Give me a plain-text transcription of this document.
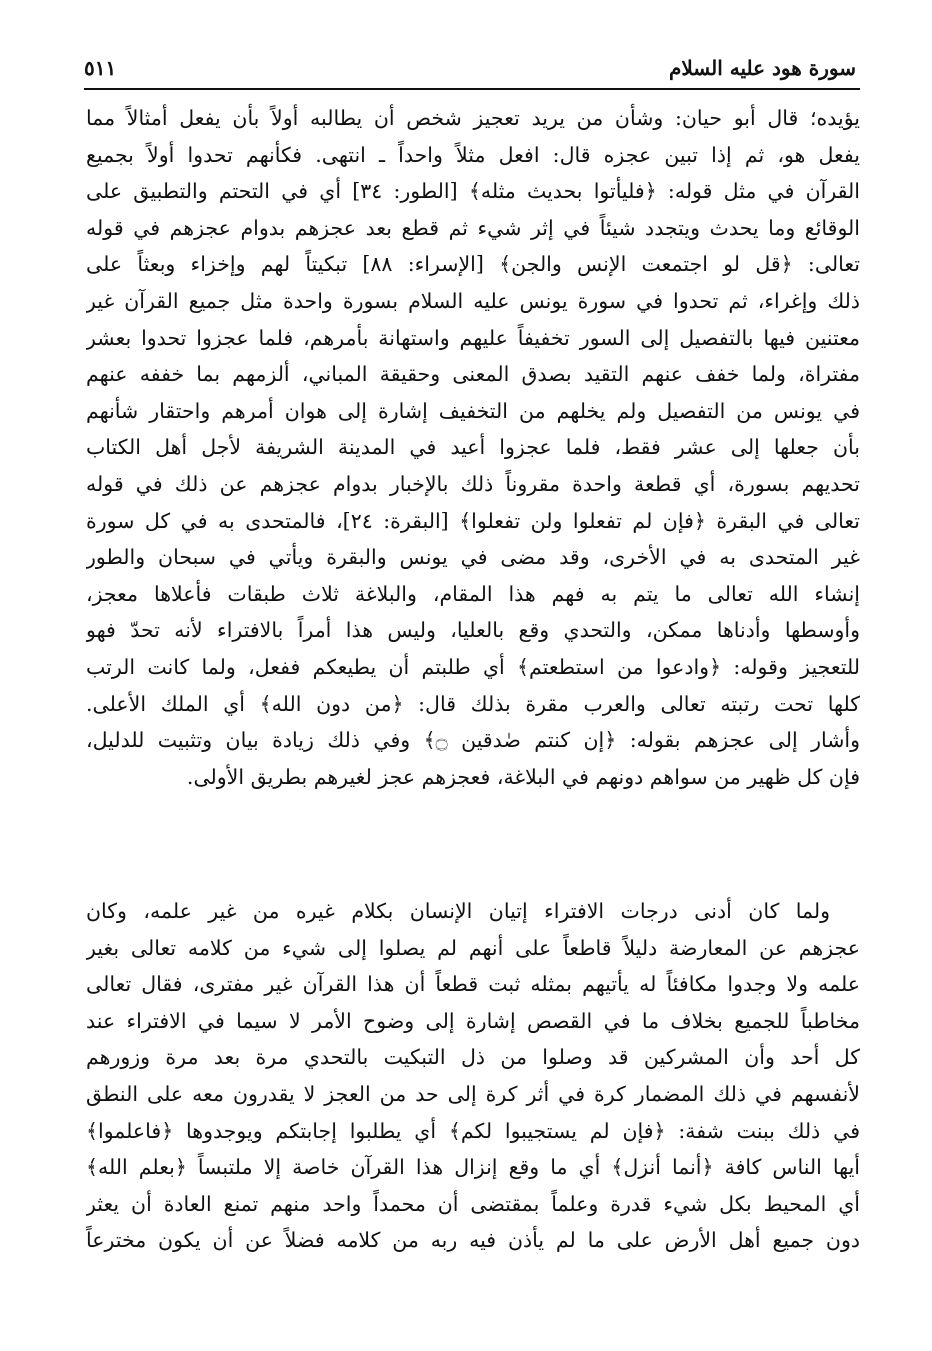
سورة هود عليه السلام
٥١١
يؤيده؛ قال أبو حيان: وشأن من يريد تعجيز شخص أن يطالبه أولاً بأن يفعل أمثالاً مما
يفعل هو، ثم إذا تبين عجزه قال: افعل مثلاً واحداً ـ انتهى. فكأنهم تحدوا أولاً بجميع
القرآن في مثل قوله: ﴿فليأتوا بحديث مثله﴾ [الطور: ٣٤] أي في التحتم والتطبيق على
الوقائع وما يحدث ويتجدد شيئاً في إثر شيء ثم قطع بعد عجزهم بدوام عجزهم في قوله
تعالى: ﴿قل لو اجتمعت الإنس والجن﴾ [الإسراء: ٨٨] تبكيتاً لهم وإخزاء وبعثاً على
ذلك وإغراء، ثم تحدوا في سورة يونس عليه السلام بسورة واحدة مثل جميع القرآن غير
معتنين فيها بالتفصيل إلى السور تخفيفاً عليهم واستهانة بأمرهم، فلما عجزوا تحدوا بعشر
مفتراة، ولما خفف عنهم التقيد بصدق المعنى وحقيقة المباني، ألزمهم بما خففه عنهم
في يونس من التفصيل ولم يخلهم من التخفيف إشارة إلى هوان أمرهم واحتقار شأنهم
بأن جعلها إلى عشر فقط، فلما عجزوا أعيد في المدينة الشريفة لأجل أهل الكتاب
تحديهم بسورة، أي قطعة واحدة مقروناً ذلك بالإخبار بدوام عجزهم عن ذلك في قوله
تعالى في البقرة ﴿فإن لم تفعلوا ولن تفعلوا﴾ [البقرة: ٢٤]، فالمتحدى به في كل سورة
غير المتحدى به في الأخرى، وقد مضى في يونس والبقرة ويأتي في سبحان والطور
إنشاء الله تعالى ما يتم به فهم هذا المقام، والبلاغة ثلاث طبقات فأعلاها معجز،
وأوسطها وأدناها ممكن، والتحدي وقع بالعليا، وليس هذا أمراً بالافتراء لأنه تحدّ فهو
للتعجيز وقوله: ﴿وادعوا من استطعتم﴾ أي طلبتم أن يطيعكم ففعل، ولما كانت الرتب
كلها تحت رتبته تعالى والعرب مقرة بذلك قال: ﴿من دون الله﴾ أي الملك الأعلى.
وأشار إلى عجزهم بقوله: ﴿إن كنتم صٰدقين ۝﴾ وفي ذلك زيادة بيان وتثبيت للدليل،
فإن كل ظهير من سواهم دونهم في البلاغة، فعجزهم عجز لغيرهم بطريق الأولى.
ولما كان أدنى درجات الافتراء إتيان الإنسان بكلام غيره من غير علمه، وكان
عجزهم عن المعارضة دليلاً قاطعاً على أنهم لم يصلوا إلى شيء من كلامه تعالى بغير
علمه ولا وجدوا مكافئاً له يأتيهم بمثله ثبت قطعاً أن هذا القرآن غير مفترى، فقال تعالى
مخاطباً للجميع بخلاف ما في القصص إشارة إلى وضوح الأمر لا سيما في الافتراء عند
كل أحد وأن المشركين قد وصلوا من ذل التبكيت بالتحدي مرة بعد مرة وزورهم
لأنفسهم في ذلك المضمار كرة في أثر كرة إلى حد من العجز لا يقدرون معه على النطق
في ذلك ببنت شفة: ﴿فإن لم يستجيبوا لكم﴾ أي يطلبوا إجابتكم ويوجدوها ﴿فاعلموا﴾
أيها الناس كافة ﴿أنما أنزل﴾ أي ما وقع إنزال هذا القرآن خاصة إلا ملتبساً ﴿بعلم الله﴾
أي المحيط بكل شيء قدرة وعلماً بمقتضى أن محمداً واحد منهم تمنع العادة أن يعثر
دون جميع أهل الأرض على ما لم يأذن فيه ربه من كلامه فضلاً عن أن يكون مخترعاً
